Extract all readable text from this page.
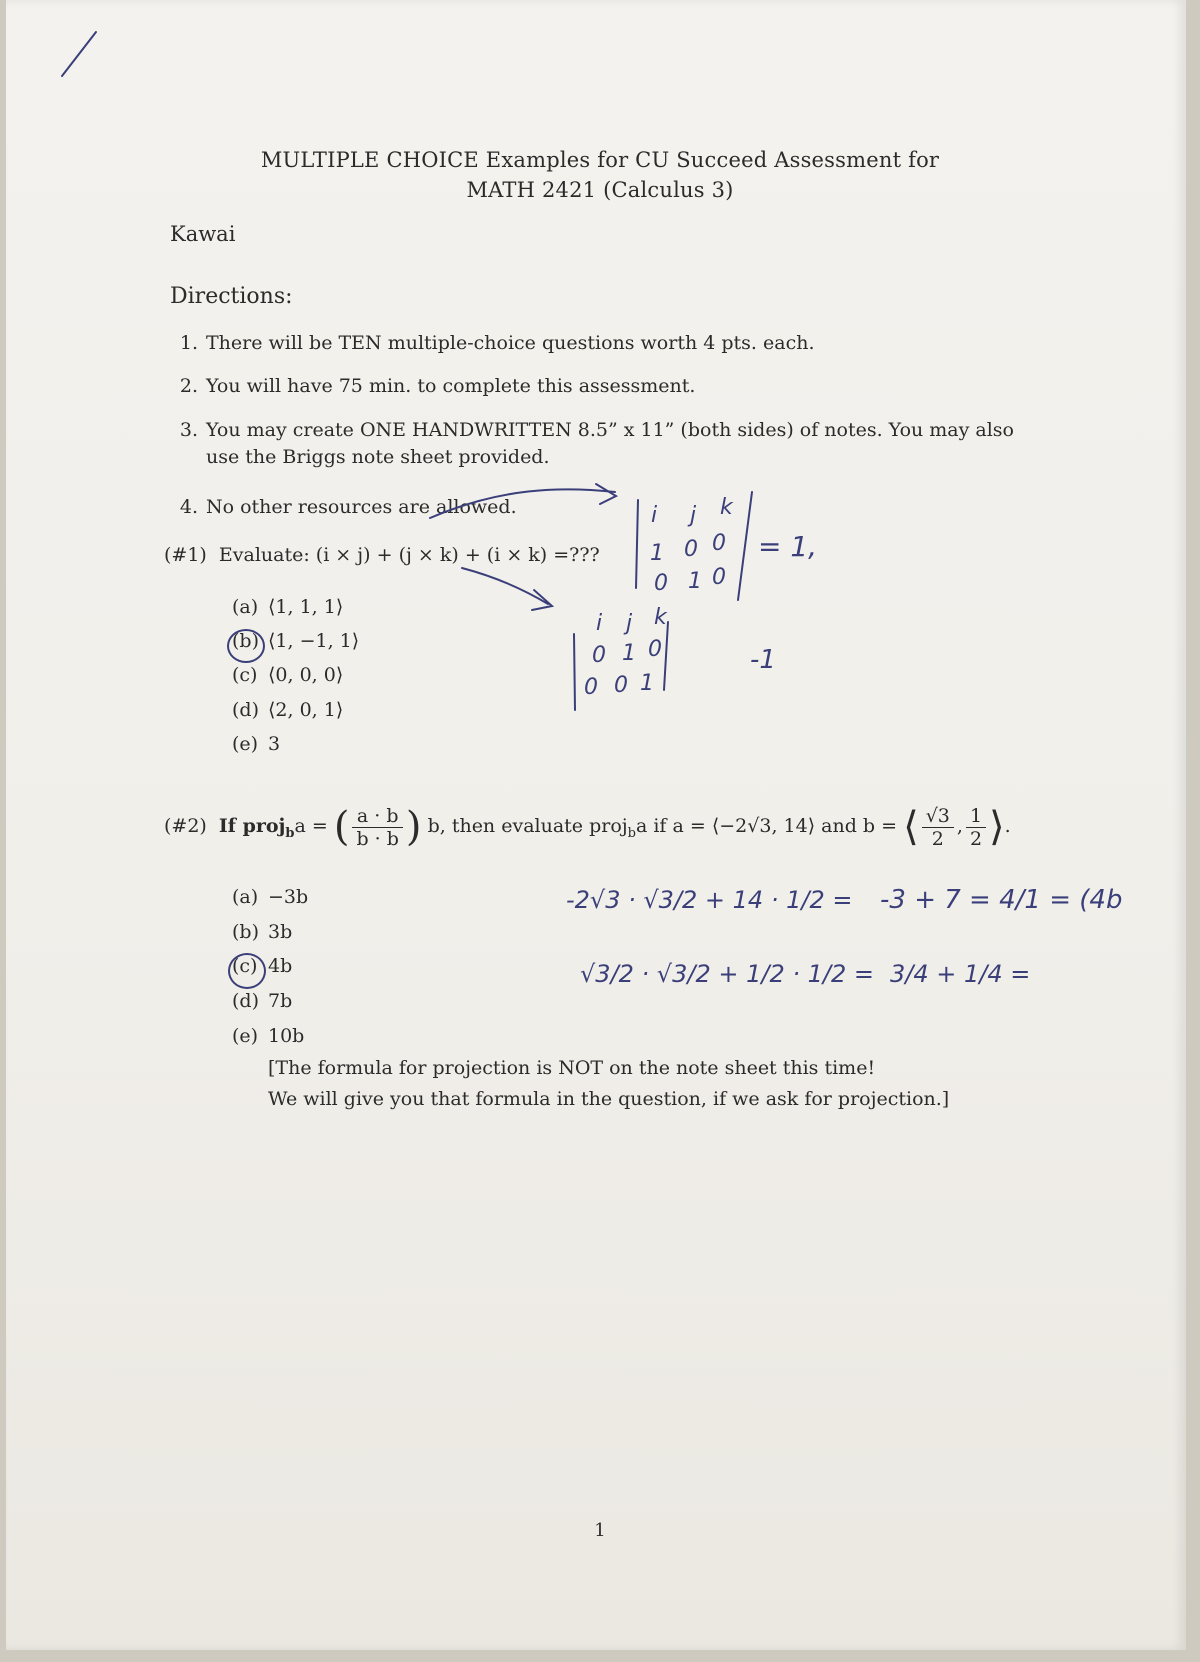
MULTIPLE CHOICE Examples for CU Succeed Assessment for
MATH 2421 (Calculus 3)
Kawai
Directions:
1. There will be TEN multiple-choice questions worth 4 pts. each.
2. You will have 75 min. to complete this assessment.
3. You may create ONE HANDWRITTEN 8.5” x 11” (both sides) of notes. You may also use the Briggs note sheet provided.
4. No other resources are allowed.
(#1) Evaluate: (i × j) + (j × k) + (i × k) =???
(a) ⟨1, 1, 1⟩
(b) ⟨1, −1, 1⟩
(c) ⟨0, 0, 0⟩
(d) ⟨2, 0, 1⟩
(e) 3
(#2) If proj$_b$a = ( $\frac{a \cdot b}{b \cdot b}$ ) b, then evaluate proj$_b$a if a = ⟨−2√3, 14⟩ and b = ⟨ $\frac{√3}{2}$ , $\frac{1}{2}$ ⟩.
(a) −3b
(b) 3b
(c) 4b
(d) 7b
(e) 10b
[The formula for projection is NOT on the note sheet this time!
We will give you that formula in the question, if we ask for projection.]
i j k
1 0 0
0 1 0
= 1,
i j k
0 1 0
0 0 1
-1
-2√3 · √3/2 + 14 · 1/2 = -3 + 7 = 4/1 = (4b
√3/2 · √3/2 + 1/2 · 1/2 = 3/4 + 1/4 =
1
